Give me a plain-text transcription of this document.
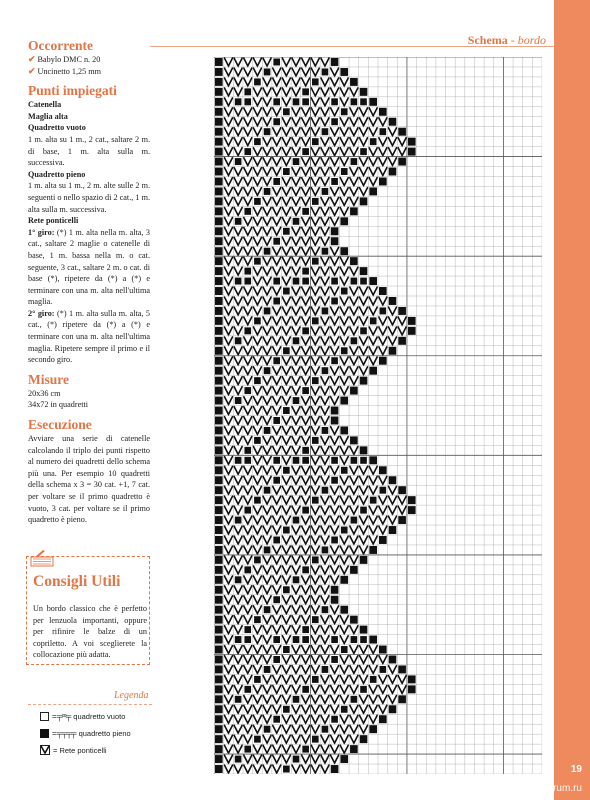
19
PassionForum.ru
Schema - bordo

Occorrente

✔ Babylo DMC n. 20

✔ Uncinetto 1,25 mm

Punti impiegati

Catenella

Maglia alta

Quadretto vuoto

1 m. alta su 1 m., 2 cat., saltare 2 m. di base, 1 m. alta sulla m. successiva.

Quadretto pieno

1 m. alta su 1 m., 2 m. alte sulle 2 m. seguenti o nello spazio di 2 cat., 1 m. alta sulla m. successiva.

Rete ponticelli

1° giro: (*) 1 m. alta nella m. alta, 3 cat., saltare 2 maglie o catenelle di base, 1 m. bassa nella m. o cat. seguente, 3 cat., saltare 2 m. o cat. di base (*), ripetere da (*) a (*) e terminare con una m. alta nell'ultima maglia.

2° giro: (*) 1 m. alta sulla m. alta, 5 cat., (*) ripetere da (*) a (*) e terminare con una m. alta nell'ultima maglia. Ripetere sempre il primo e il secondo giro.

Misure

20x36 cm

34x72 in quadretti

Esecuzione

Avviare una serie di catenelle calcolando il triplo dei punti rispetto al numero dei quadretti dello schema più una. Per esempio 10 quadretti della schema x 3 = 30 cat. +1, 7 cat. per voltare se il primo quadretto è vuoto, 3 cat. per voltare se il primo quadretto è pieno.

Consigli Utili
Un bordo classico che è perfetto per lenzuola importanti, oppure per rifinire le balze di un copriletto. A voi sceglierete la collocazione più adatta.
Legenda
= ╤ᵒᵒ╤ quadretto vuoto
= ╤╤╤╤ quadretto pieno
= Rete ponticelli
